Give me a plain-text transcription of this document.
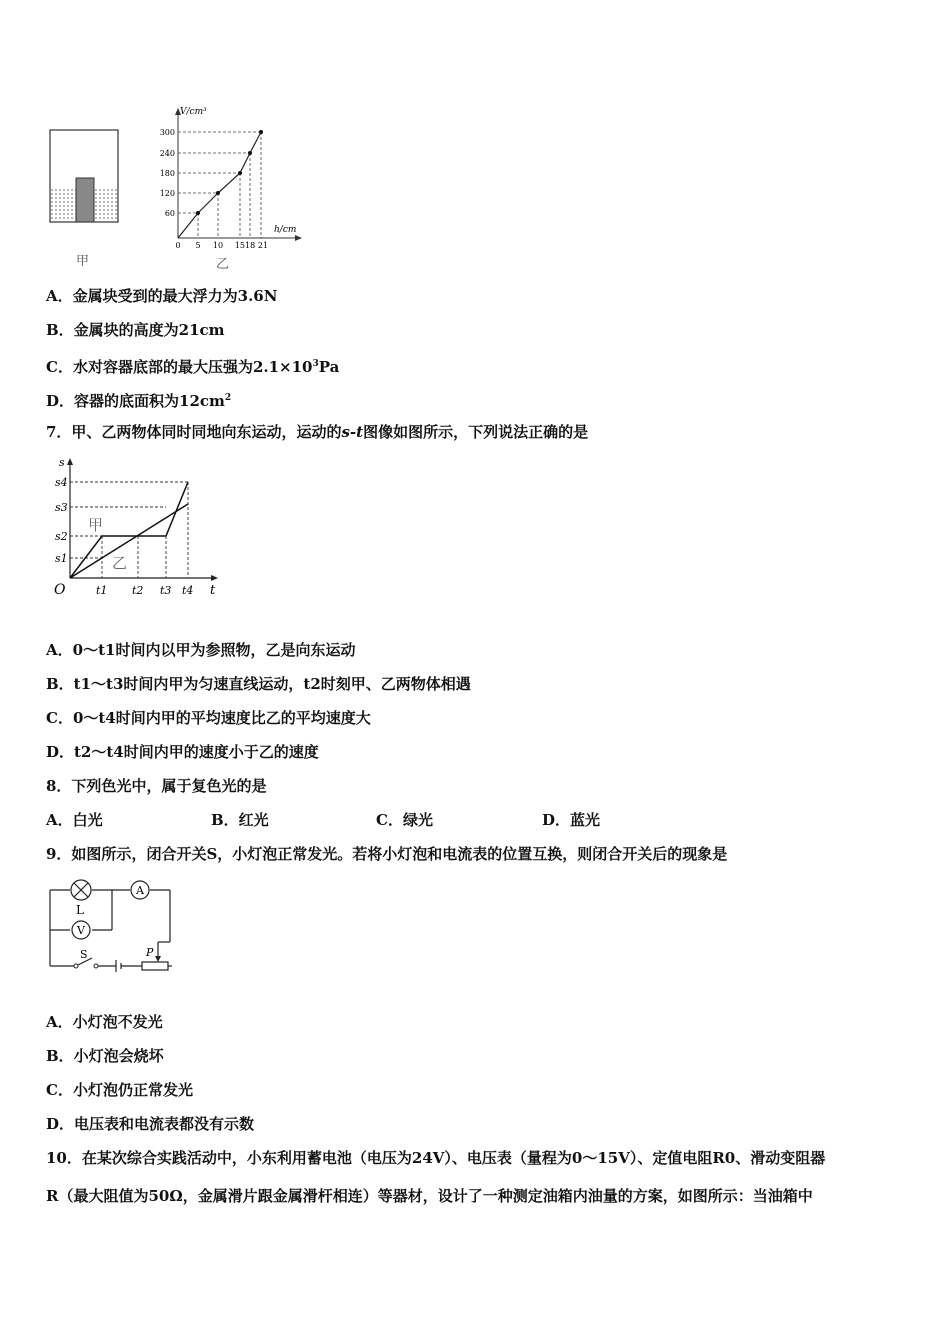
甲
V/cm³
h/cm
300
240
180
120
60
0 5 10 1518 21
乙
A．金属块受到的最大浮力为3.6N
B．金属块的高度为21cm
C．水对容器底部的最大压强为$2.1\times 10^3Pa$
D．容器的底面积为$12cm^2$
7．甲、乙两物体同时同地向东运动，运动的s-t图像如图所示，下列说法正确的是
s
s4
s3
s2
s1
O	t1 t2 t3 t4 t
甲
乙
A．0～t1时间内以甲为参照物，乙是向东运动
B．t1～t3时间内甲为匀速直线运动，t2时刻甲、乙两物体相遇
C．0～t4时间内甲的平均速度比乙的平均速度大
D．t2～t4时间内甲的速度小于乙的速度
8．下列色光中，属于复色光的是
A．白光	B．红光	C．绿光	D．蓝光
9．如图所示，闭合开关S，小灯泡正常发光。若将小灯泡和电流表的位置互换，则闭合开关后的现象是
A
V
L
S	P
A．小灯泡不发光
B．小灯泡会烧坏
C．小灯泡仍正常发光
D．电压表和电流表都没有示数
10．在某次综合实践活动中，小东利用蓄电池（电压为24V）、电压表（量程为0～15V）、定值电阻R0、滑动变阻器
R（最大阻值为50Ω，金属滑片跟金属滑杆相连）等器材，设计了一种测定油箱内油量的方案，如图所示：当油箱中
